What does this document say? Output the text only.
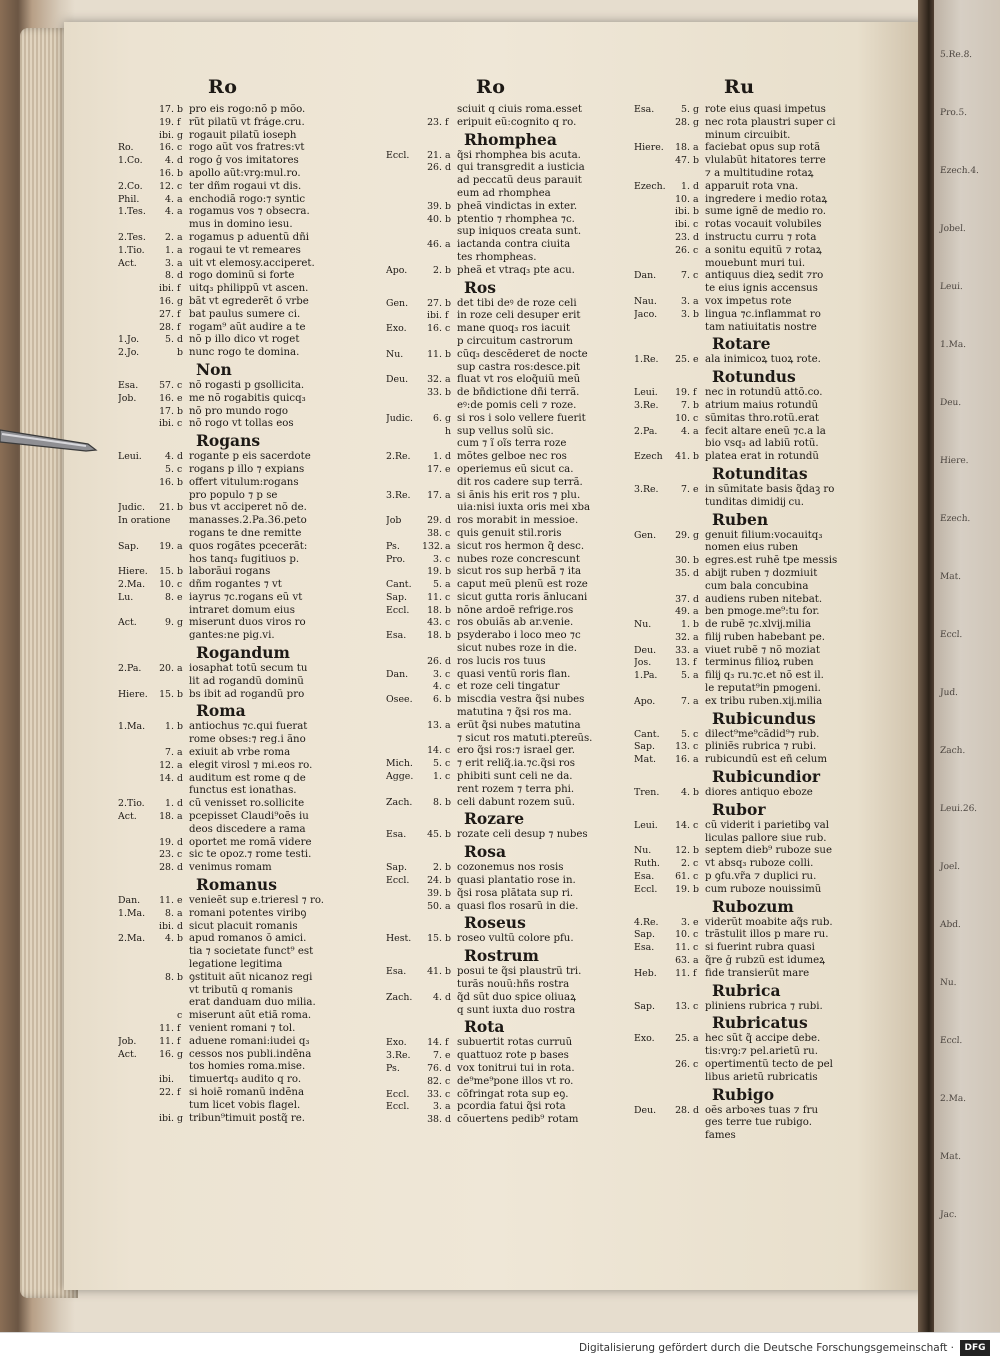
5.Re.8.
Pro.5.
Ezech.4.
Jobel.
Leui.
1.Ma.
Deu.
Hiere.
Ezech.
Mat.
Eccl.
Jud.
Zach.
Leui.26.
Joel.
Abd.
Nu.
Eccl.
2.Ma.
Mat.
Jac.
Ro
17. b pro eis rogo:nõ p mõo.
19. f rũt pilatũ vt fráge.cru.
ibi. g rogauit pilatũ ioseph
Ro.	16. c rogo aũt vos fratres:vt
1.Co.	4. d rogo ǧ vos imitatores
16. b apollo aũt:vrꝯ:mul.ro.
2.Co.	12. c ter dñm rogaui vt dis.
Phil.	4. a enchodiã rogo:⁊ syntic
1.Tes.	4. a rogamus vos ⁊ obsecra.
mus in domino iesu.
2.Tes.	2. a rogamus p aduentũ dñi
1.Tio.	1. a rogaui te vt remeares
Act.	3. a uit vt elemosy.acciperet.
8. d rogo dominũ si forte
ibi. f uitq₃ philippũ vt ascen.
16. g bãt vt egrederẽt ő vrbe
27. f bat paulus sumere ci.
28. f rogam⁹ aũt audire a te
1.Jo.	5. d nõ p illo dico vt roget
2.Jo.	b nunc rogo te domina.
Non
Esa.	57. c nõ rogasti p gsollicita.
Job.	16. e me nõ rogabitis quicq₃
17. b nõ pro mundo rogo
ibi. c nõ rogo vt tollas eos
Rogans
Leui.	4. d rogante p eis sacerdote
5. c rogans p illo ⁊ expians
16. b offert vitulum:rogans
pro populo ⁊ p se
Judic.	21. b bus vt acciperet nõ de.
In oratione manasses.2.Pa.36.peto
rogans te dne remitte
Sap.	19. a quos rogãtes pcecerãt:
hos tanq₃ fugitiuos p.
Hiere.	15. b laborãui rogans
2.Ma.	10. c dñm rogantes ⁊ vt
Lu.	8. e iayrus ⁊c.rogans eũ vt
intraret domum eius
Act.	9. g miserunt duos viros ro
gantes:ne pig.vi.
Rogandum
2.Pa.	20. a iosaphat totũ secum tu
lit ad rogandũ dominũ
Hiere.	15. b bs ibit ad rogandũ pro
Roma
1.Ma.	1. b antiochus ⁊c.qui fuerat
rome obses:⁊ reg.i ãno
7. a exiuit ab vrbe roma
12. a elegit virosl ⁊ mi.eos ro.
14. d auditum est rome q de
functus est ionathas.
2.Tio.	1. d cũ venisset ro.sollicite
Act.	18. a pcepisset Claudi⁹oẽs iu
deos discedere a rama
19. d oportet me romã videre
23. c sic te opoz.⁊ rome testi.
28. d venimus romam
Romanus
Dan.	11. e venieẽt sup e.trieresl ⁊ ro.
1.Ma.	8. a romani potentes viribꝯ
ibi. d sicut placuit romanis
2.Ma.	4. b apud romanos ŏ amici.
tia ⁊ societate funct⁹ est
legatione legitima
8. b ꝯstituit aũt nicanoz regi
vt tributũ q romanis
erat danduam duo milia.
c miserunt aũt etiã roma.
11. f venient romani ⁊ tol.
Job.	11. f aduene romani:iudei q₃
Act.	16. g cessos nos publi.indẽna
tos homies roma.mise.
ibi. timuertq₃ audito q ro.
22. f si hoiẽ romanũ indẽna
tum licet vobis flagel.
ibi. g tribun⁹timuit postq̃ re.
Ro
sciuit q ciuis roma.esset
23. f eripuit eũ:cognito q ro.
Rhomphea
Eccl.	21. a q̃si rhomphea bis acuta.
26. d qui transgredit a iusticia
ad peccatũ deus parauit
eum ad rhomphea
39. b pheã vindictas in exter.
40. b ptentio ⁊ rhomphea ⁊c.
sup iniquos creata sunt.
46. a iactanda contra ciuita
tes rhompheas.
Apo.	2. b pheã et vtraq₃ pte acu.
Ros
Gen.	27. b det tibi deꝰ de roze celi
ibi. f in roze celi desuper erit
Exo.	16. c mane quoq₃ ros iacuit
p circuitum castrorum
Nu.	11. b cũq₃ descẽderet de nocte
sup castra ros:desce.pit
Deu.	32. a fluat vt ros eloq̃uiũ meũ
33. b de bñdictione dñi terrã.
eꝰ:de pomis celi ⁊ roze.
Judic.	6. g si ros i solo vellere fuerit
h sup vellus solũ sic.
cum ⁊ ĩ oĩs terra roze
2.Re.	1. d mõtes gelboe nec ros
17. e operiemus eũ sicut ca.
dit ros cadere sup terrã.
3.Re.	17. a si ãnis his erit ros ⁊ plu.
uia:nisi iuxta oris mei xba
Job	29. d ros morabit in messioe.
38. c quis genuit stil.roris
Ps.	132. a sicut ros hermon q̃ desc.
Pro.	3. c nubes roze concrescunt
19. b sicut ros sup herbã ⁊ ita
Cant.	5. a caput meũ plenũ est roze
Sap.	11. c sicut gutta roris ãnlucani
Eccl.	18. b nõne ardoẽ refrige.ros
43. c ros obuiãs ab ar.venie.
Esa.	18. b psyderabo i loco meo ⁊c
sicut nubes roze in die.
26. d ros lucis ros tuus
Dan.	3. c quasi ventũ roris flan.
4. c et roze celi tingatur
Osee.	6. b miscdia vestra q̃si nubes
matutina ⁊ q̃si ros ma.
13. a erũt q̃si nubes matutina
⁊ sicut ros matuti.ptereũs.
14. c ero q̃si ros:⁊ israel ger.
Mich.	5. c ⁊ erit reliq̃.ia.⁊c.q̃si ros
Agge.	1. c phibiti sunt celi ne da.
rent rozem ⁊ terra phi.
Zach.	8. b celi dabunt rozem suũ.
Rozare
Esa.	45. b rozate celi desup ⁊ nubes
Rosa
Sap.	2. b cozonemus nos rosis
Eccl.	24. b quasi plantatio rose in.
39. b q̃si rosa plãtata sup ri.
50. a quasi flos rosarũ in die.
Roseus
Hest.	15. b roseo vultũ colore pfu.
Rostrum
Esa.	41. b posui te q̃si plaustrũ tri.
turãs nouũ:hñs rostra
Zach.	4. d q̃d sũt duo spice oliuaꝝ
q sunt iuxta duo rostra
Rota
Exo.	14. f subuertit rotas curruũ
3.Re.	7. e quattuoz rote p bases
Ps.	76. d vox tonitrui tui in rota.
82. c de⁹me⁹pone illos vt ro.
Eccl.	33. c cõfringat rota sup eꝯ.
Eccl.	3. a pcordia fatui q̃si rota
38. d cõuertens pedib⁹ rotam
Ru
Esa.	5. g rote eius quasi impetus
28. g nec rota plaustri super ci
minum circuibit.
Hiere.	18. a faciebat opus sup rotã
47. b vlulabũt hitatores terre
⁊ a multitudine rotaꝝ
Ezech.	1. d apparuit rota vna.
10. a ingredere i medio rotaꝝ
ibi. b sume ignẽ de medio ro.
ibi. c rotas vocauit volubiles
23. d instructu curru ⁊ rota
26. c a sonitu equitũ ⁊ rotaꝝ
mouebunt muri tui.
Dan.	7. c antiquus dieꝝ sedit ⁊ro
te eius ignis accensus
Nau.	3. a vox impetus rote
Jaco.	3. b lingua ⁊c.inflammat ro
tam natiuitatis nostre
Rotare
1.Re.	25. e ala inimicoꝝ tuoꝝ rote.
Rotundus
Leui.	19. f nec in rotundũ attõ.co.
3.Re.	7. b atrium maius rotundũ
10. c sũmitas thro.rotũ.erat
2.Pa.	4. a fecit altare eneũ ⁊c.a la
bio vsq₃ ad labiũ rotũ.
Ezech	41. b platea erat in rotundũ
Rotunditas
3.Re.	7. e in sũmitate basis q̃daꝫ ro
tunditas dimidĳ cu.
Ruben
Gen.	29. g genuit filium:vocauitq₃
nomen eius ruben
30. b egres.est ruhẽ tpe messis
35. d abĳt ruben ⁊ dozmiuit
cum bala concubina
37. d audiens ruben nitebat.
49. a ben pmoge.me⁹:tu for.
Nu.	1. b de rubẽ ⁊c.xlvĳ.milia
32. a filĳ ruben habebant pe.
Deu.	33. a viuet rubẽ ⁊ nõ moziat
Jos.	13. f terminus filioꝝ ruben
1.Pa.	5. a filĳ q₃ ru.⁊c.et nõ est il.
le reputat⁹in pmogeni.
Apo.	7. a ex tribu ruben.xĳ.milia
Rubicundus
Cant.	5. c dilect⁹me⁹cãdid⁹⁊ rub.
Sap.	13. c pliniẽs rubrica ⁊ rubi.
Mat.	16. a rubicundũ est eñ celum
Rubicundior
Tren.	4. b diores antiquo eboze
Rubor
Leui.	14. c cũ viderit i parietibꝯ val
liculas pallore siue rub.
Nu.	12. b septem dieb⁹ ruboze sue
Ruth.	2. c vt absq₃ ruboze colli.
Esa.	61. c p ꝯfu.vr̃a ⁊ duplici ru.
Eccl.	19. b cum ruboze nouissimũ
Rubozum
4.Re.	3. e viderũt moabite aq̃s rub.
Sap.	10. c trãstulit illos p mare ru.
Esa.	11. c si fuerint rubra quasi
63. a q̃re ǧ rubzũ est idumeꝝ
Heb.	11. f fide transierũt mare
Rubrica
Sap.	13. c pliniens rubrica ⁊ rubi.
Rubricatus
Exo.	25. a hec sũt q̃ accipe debe.
tis:vrꝯ:⁊ pel.arietũ ru.
26. c opertimentũ tecto de pel
libus arietũ rubricatis
Rubigo
Deu.	28. d oẽs arboꝛes tuas ⁊ fru
ges terre tue rubigo.
fames
Digitalisierung gefördert durch die Deutsche Forschungsgemeinschaft ·	DFG
